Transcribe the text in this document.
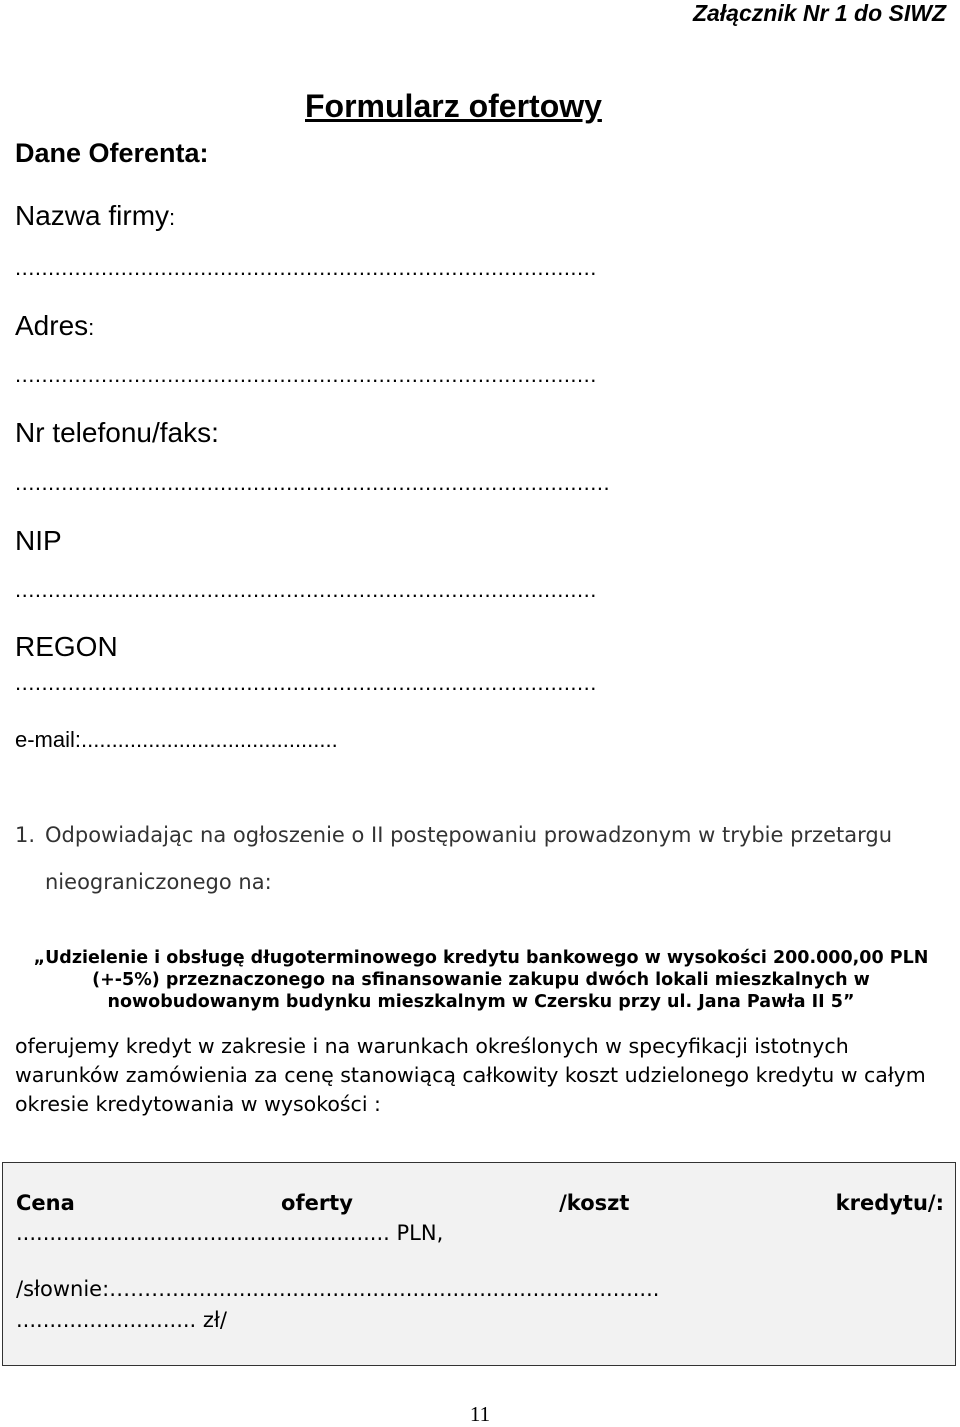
Załącznik Nr 1 do SIWZ
Formularz ofertowy
Dane Oferenta:
Nazwa firmy:
........................................................................................
Adres:
........................................................................................
Nr telefonu/faks:
..........................................................................................
NIP
........................................................................................
REGON
........................................................................................
e-mail:..........................................
1. Odpowiadając na ogłoszenie o II postępowaniu prowadzonym w trybie przetargu
nieograniczonego na:
„Udzielenie i obsługę długoterminowego kredytu bankowego w wysokości 200.000,00 PLN
(+-5%) przeznaczonego na sfinansowanie zakupu dwóch lokali mieszkalnych w
nowobudowanym budynku mieszkalnym w Czersku przy ul. Jana Pawła II 5”
oferujemy kredyt w zakresie i na warunkach określonych w specyfikacji istotnych warunków zamówienia za cenę stanowiącą całkowity koszt udzielonego kredytu w całym okresie kredytowania w wysokości :
Cena	oferty	/koszt	kredytu/:
........................................................ PLN,
/słownie:……….........................................................................
........................... zł/
11
